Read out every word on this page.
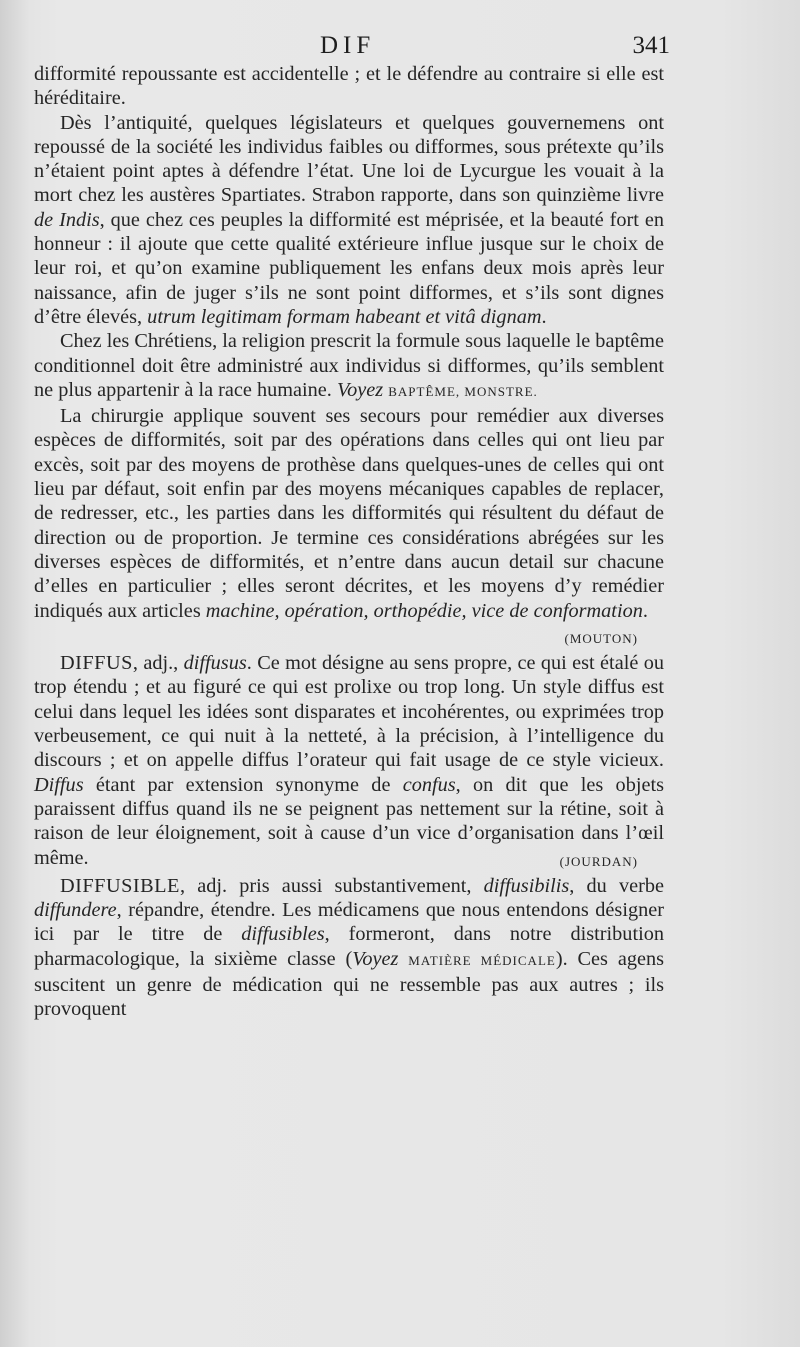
DIF	341

difformité repoussante est accidentelle ; et le défendre au contraire si elle est héréditaire.

Dès l’antiquité, quelques législateurs et quelques gouvernemens ont repoussé de la société les individus faibles ou difformes, sous prétexte qu’ils n’étaient point aptes à défendre l’état. Une loi de Lycurgue les vouait à la mort chez les austères Spartiates. Strabon rapporte, dans son quinzième livre de Indis, que chez ces peuples la difformité est méprisée, et la beauté fort en honneur : il ajoute que cette qualité extérieure influe jusque sur le choix de leur roi, et qu’on examine publiquement les enfans deux mois après leur naissance, afin de juger s’ils ne sont point difformes, et s’ils sont dignes d’être élevés, utrum legitimam formam habeant et vitâ dignam.

Chez les Chrétiens, la religion prescrit la formule sous laquelle le baptême conditionnel doit être administré aux individus si difformes, qu’ils semblent ne plus appartenir à la race humaine. Voyez BAPTÊME, MONSTRE.

La chirurgie applique souvent ses secours pour remédier aux diverses espèces de difformités, soit par des opérations dans celles qui ont lieu par excès, soit par des moyens de prothèse dans quelques-unes de celles qui ont lieu par défaut, soit enfin par des moyens mécaniques capables de replacer, de redresser, etc., les parties dans les difformités qui résultent du défaut de direction ou de proportion. Je termine ces considérations abrégées sur les diverses espèces de difformités, et n’entre dans aucun detail sur chacune d’elles en particulier ; elles seront décrites, et les moyens d’y remédier indiqués aux articles machine, opération, orthopédie, vice de conformation.
(MOUTON)

DIFFUS, adj., diffusus. Ce mot désigne au sens propre, ce qui est étalé ou trop étendu ; et au figuré ce qui est prolixe ou trop long. Un style diffus est celui dans lequel les idées sont disparates et incohérentes, ou exprimées trop verbeusement, ce qui nuit à la netteté, à la précision, à l’intelligence du discours ; et on appelle diffus l’orateur qui fait usage de ce style vicieux. Diffus étant par extension synonyme de confus, on dit que les objets paraissent diffus quand ils ne se peignent pas nettement sur la rétine, soit à raison de leur éloignement, soit à cause d’un vice d’organisation dans l’œil même.	(JOURDAN)

DIFFUSIBLE, adj. pris aussi substantivement, diffusibilis, du verbe diffundere, répandre, étendre. Les médicamens que nous entendons désigner ici par le titre de diffusibles, formeront, dans notre distribution pharmacologique, la sixième classe (Voyez MATIÈRE MÉDICALE). Ces agens suscitent un genre de médication qui ne ressemble pas aux autres ; ils provoquent
